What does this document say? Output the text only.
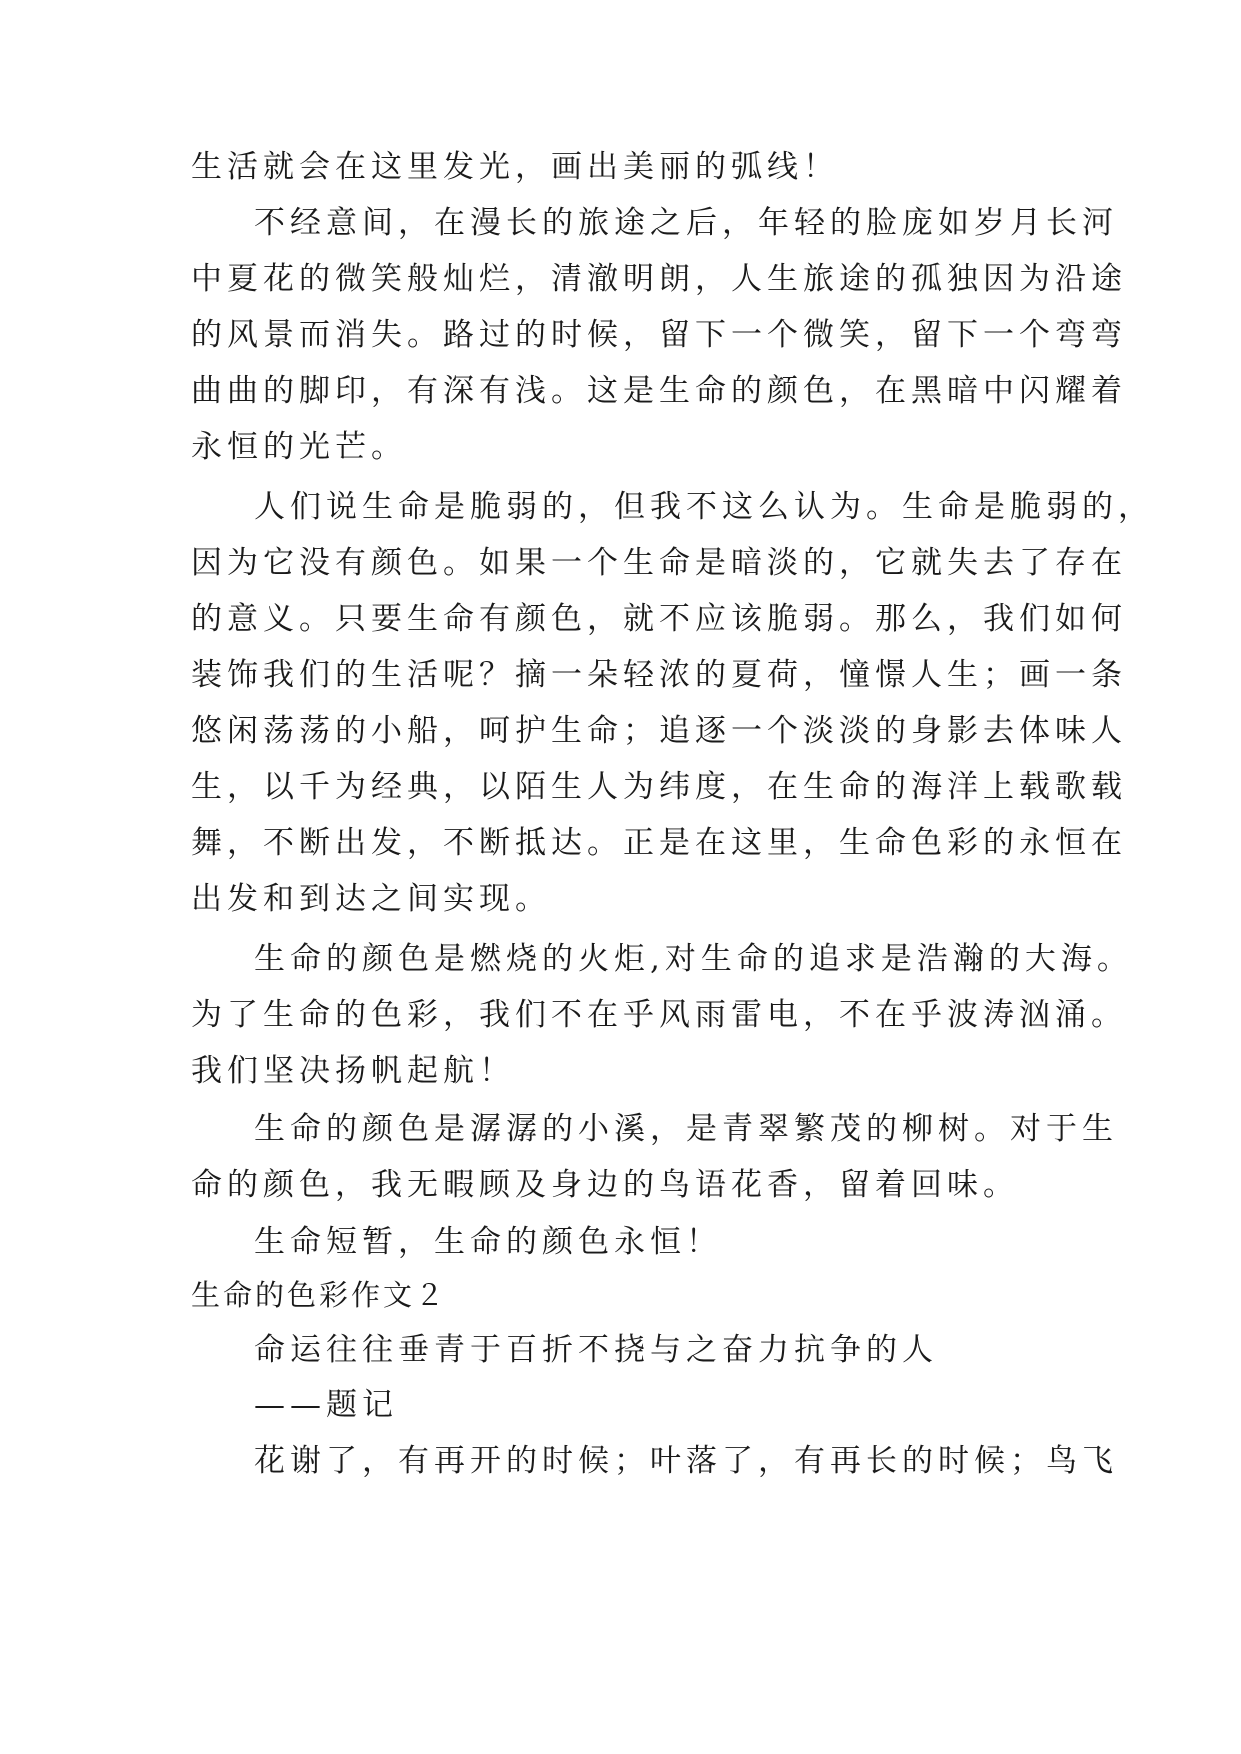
生活就会在这里发光，画出美丽的弧线！
不经意间，在漫长的旅途之后，年轻的脸庞如岁月长河
中夏花的微笑般灿烂，清澈明朗，人生旅途的孤独因为沿途
的风景而消失。路过的时候，留下一个微笑，留下一个弯弯
曲曲的脚印，有深有浅。这是生命的颜色，在黑暗中闪耀着
永恒的光芒。
人们说生命是脆弱的，但我不这么认为。生命是脆弱的，
因为它没有颜色。如果一个生命是暗淡的，它就失去了存在
的意义。只要生命有颜色，就不应该脆弱。那么，我们如何
装饰我们的生活呢？摘一朵轻浓的夏荷，憧憬人生；画一条
悠闲荡荡的小船，呵护生命；追逐一个淡淡的身影去体味人
生，以千为经典，以陌生人为纬度，在生命的海洋上载歌载
舞，不断出发，不断抵达。正是在这里，生命色彩的永恒在
出发和到达之间实现。
生命的颜色是燃烧的火炬,对生命的追求是浩瀚的大海。
为了生命的色彩，我们不在乎风雨雷电，不在乎波涛汹涌。
我们坚决扬帆起航！
生命的颜色是潺潺的小溪，是青翠繁茂的柳树。对于生
命的颜色，我无暇顾及身边的鸟语花香，留着回味。
生命短暂，生命的颜色永恒！
生命的色彩作文２
命运往往垂青于百折不挠与之奋力抗争的人
——题记
花谢了，有再开的时候；叶落了，有再长的时候；鸟飞
